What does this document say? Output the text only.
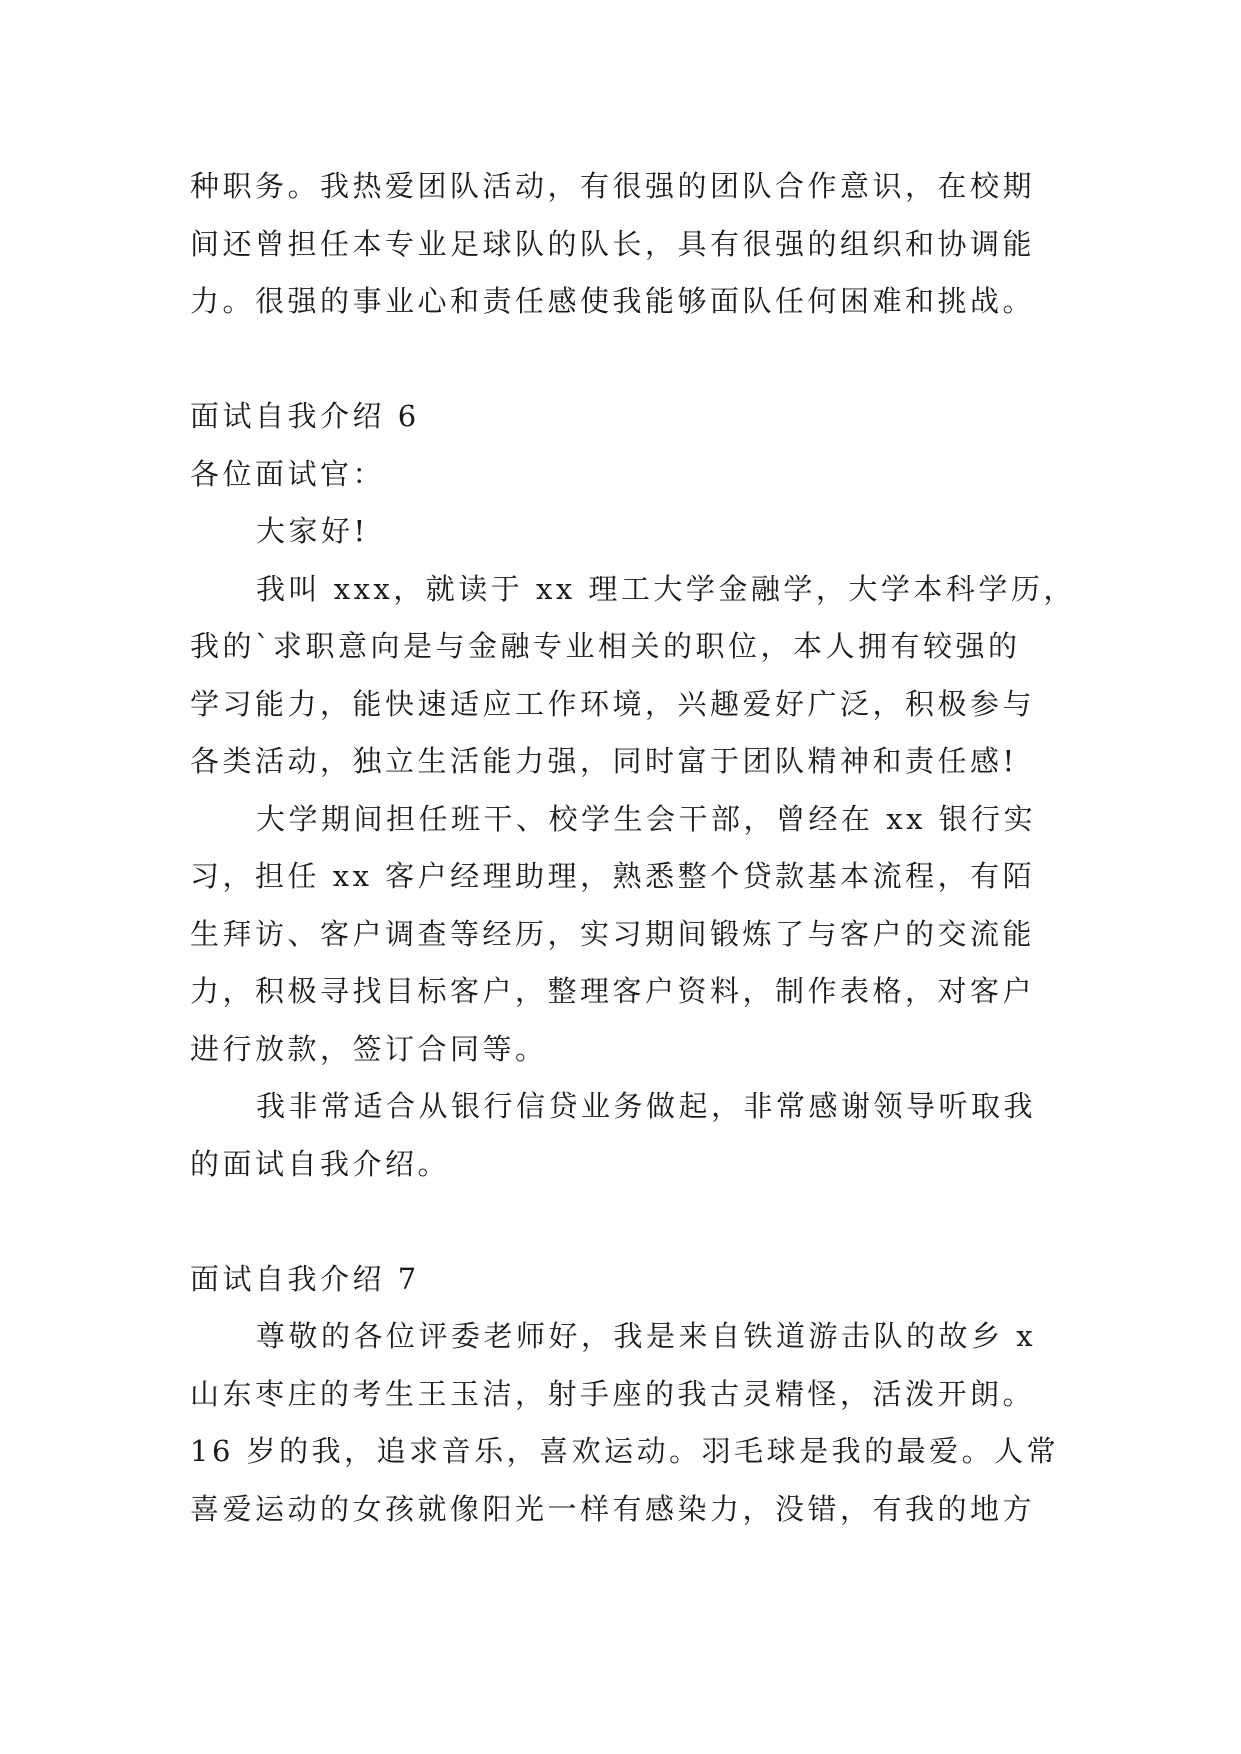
种职务。我热爱团队活动，有很强的团队合作意识，在校期
间还曾担任本专业足球队的队长，具有很强的组织和协调能
力。很强的事业心和责任感使我能够面队任何困难和挑战。
面试自我介绍 6
各位面试官：
大家好!
我叫 xxx，就读于 xx 理工大学金融学，大学本科学历，
我的`求职意向是与金融专业相关的职位，本人拥有较强的
学习能力，能快速适应工作环境，兴趣爱好广泛，积极参与
各类活动，独立生活能力强，同时富于团队精神和责任感!
大学期间担任班干、校学生会干部，曾经在 xx 银行实
习，担任 xx 客户经理助理，熟悉整个贷款基本流程，有陌
生拜访、客户调查等经历，实习期间锻炼了与客户的交流能
力，积极寻找目标客户，整理客户资料，制作表格，对客户
进行放款，签订合同等。
我非常适合从银行信贷业务做起，非常感谢领导听取我
的面试自我介绍。
面试自我介绍 7
尊敬的各位评委老师好，我是来自铁道游击队的故乡 x
山东枣庄的考生王玉洁，射手座的我古灵精怪，活泼开朗。
16 岁的我，追求音乐，喜欢运动。羽毛球是我的最爱。人常
喜爱运动的女孩就像阳光一样有感染力，没错，有我的地方
